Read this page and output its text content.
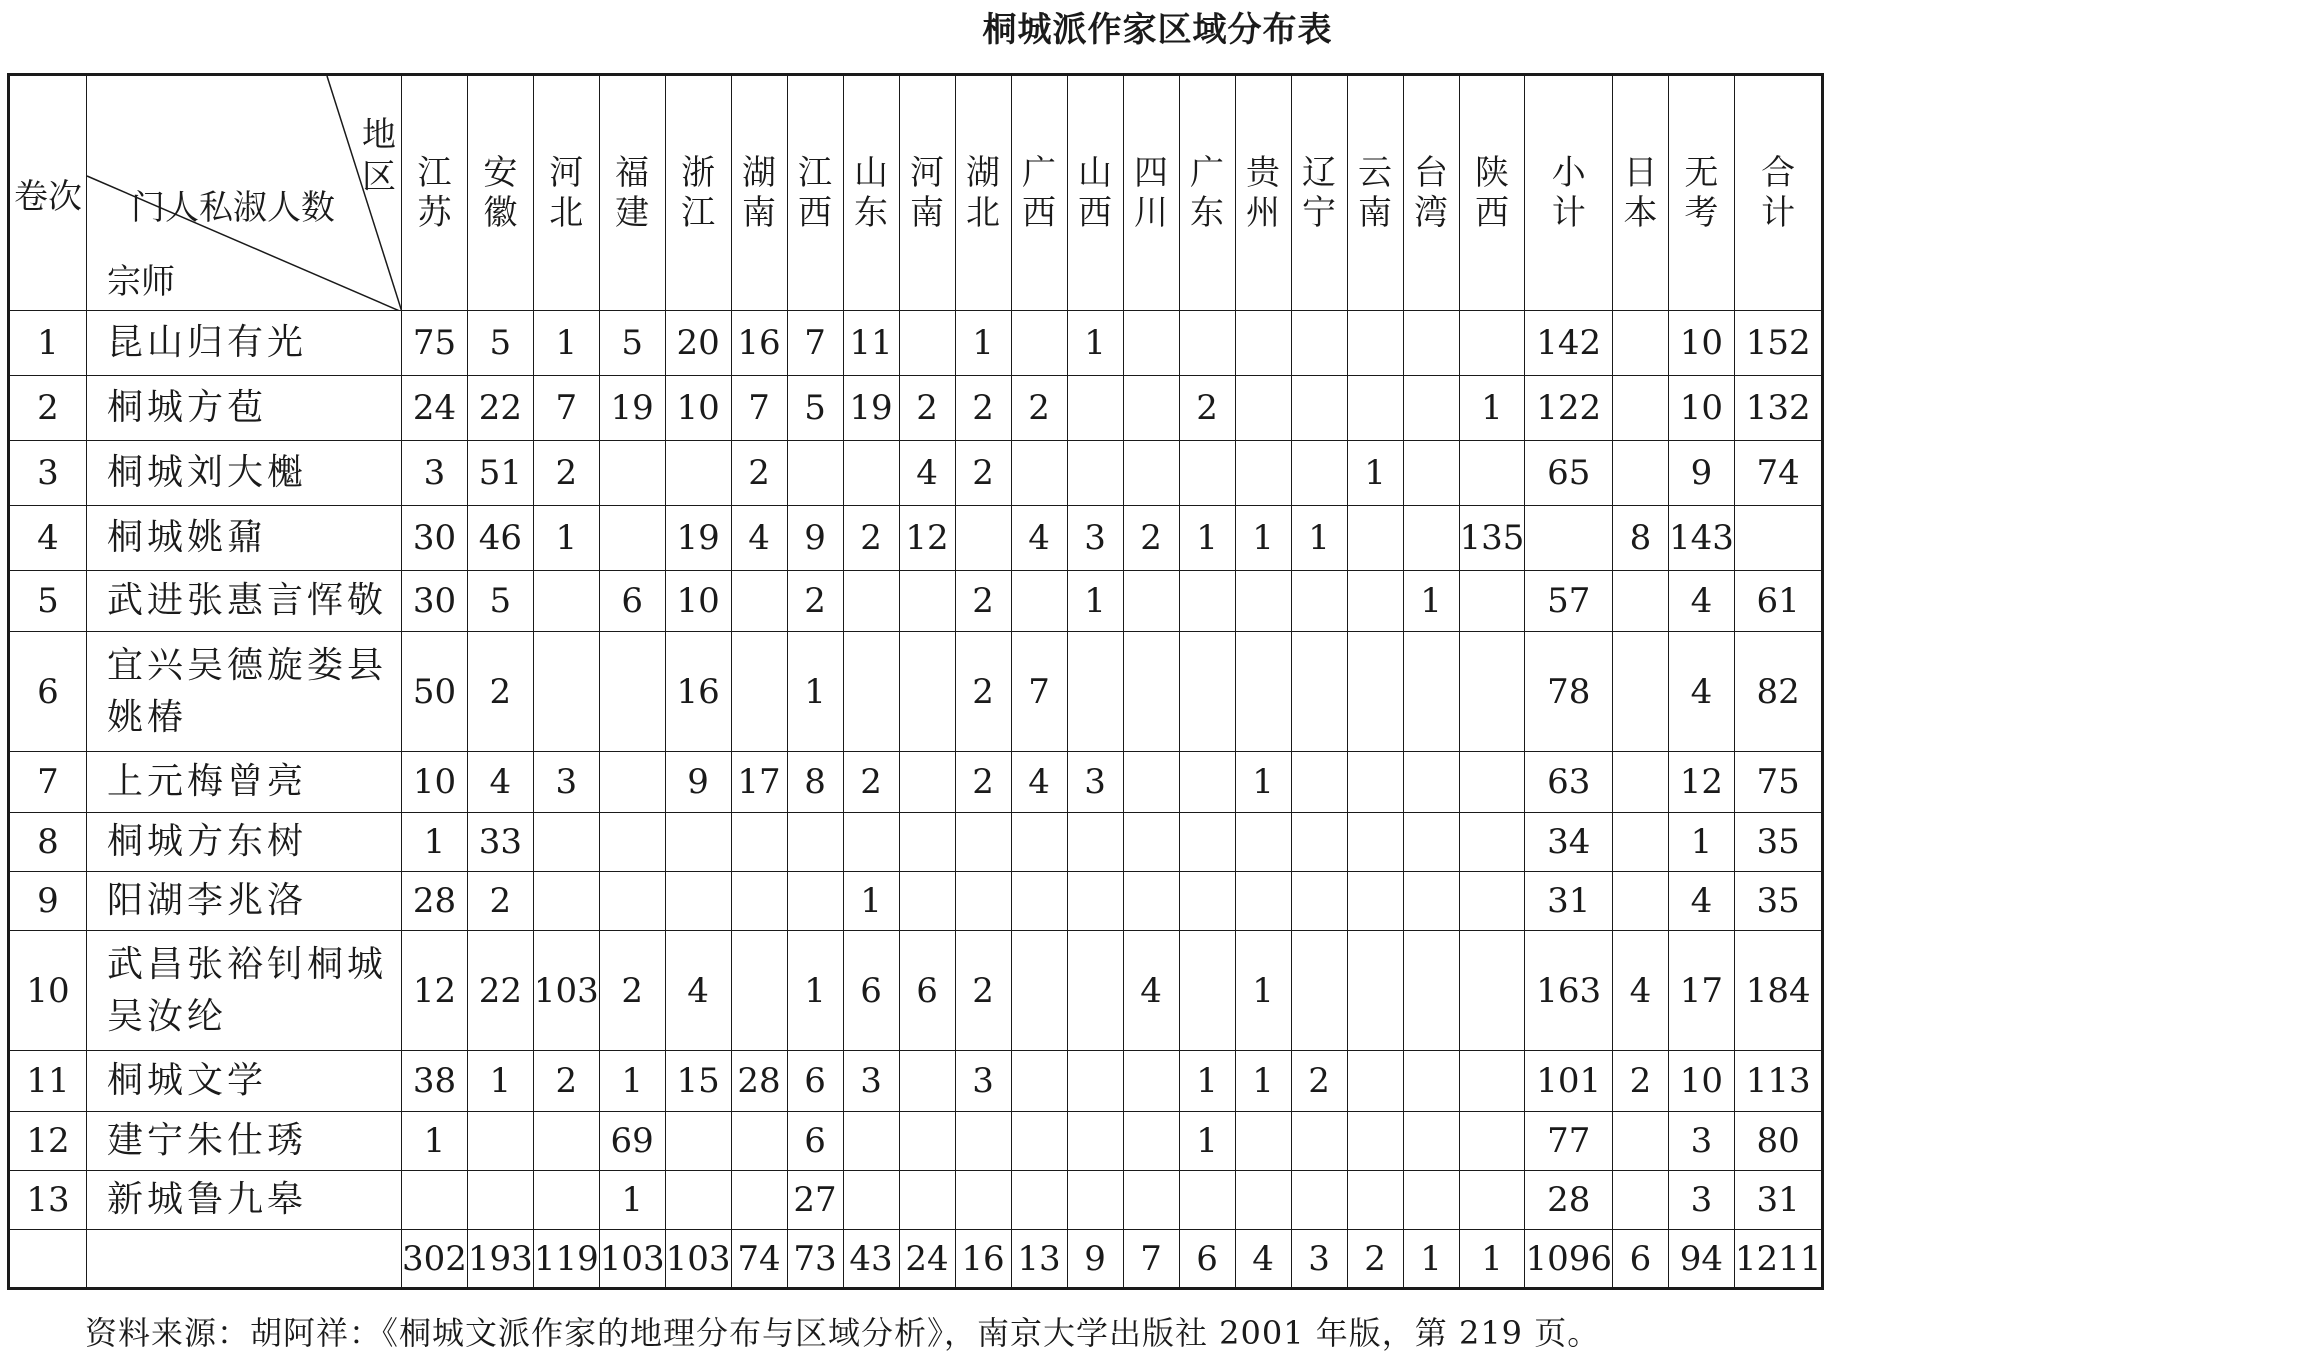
桐城派作家区域分布表
卷次	地区
门人私淑人数
宗师	江苏	安徽	河北	福建	浙江	湖南	江西	山东	河南	湖北	广西	山西	四川	广东	贵州	辽宁	云南	台湾	陕西	小计	日本	无考	合计
1	昆山归有光	75	5	1	5	20	16	7	11		1		1								142		10	152
2	桐城方苞	24	22	7	19	10	7	5	19	2	2	2			2					1	122		10	132
3	桐城刘大櫆	3	51	2			2			4	2							1			65		9	74
4	桐城姚鼐	30	46	1		19	4	9	2	12		4	3	2	1	1	1			135		8	143	
5	武进张惠言恽敬	30	5		6	10		2			2		1						1		57		4	61
6	宜兴吴德旋娄县姚椿	50	2			16		1			2	7									78		4	82
7	上元梅曾亮	10	4	3		9	17	8	2		2	4	3			1					63		12	75
8	桐城方东树	1	33																		34		1	35
9	阳湖李兆洛	28	2						1												31		4	35
10	武昌张裕钊桐城吴汝纶	12	22	103	2	4		1	6	6	2			4		1					163	4	17	184
11	桐城文学	38	1	2	1	15	28	6	3		3				1	1	2				101	2	10	113
12	建宁朱仕琇	1			69			6							1						77		3	80
13	新城鲁九皋				1			27													28		3	31
		302	193	119	103	103	74	73	43	24	16	13	9	7	6	4	3	2	1	1	1096	6	94	1211
资料来源：胡阿祥：《桐城文派作家的地理分布与区域分析》，南京大学出版社 2001 年版，第 219 页。
